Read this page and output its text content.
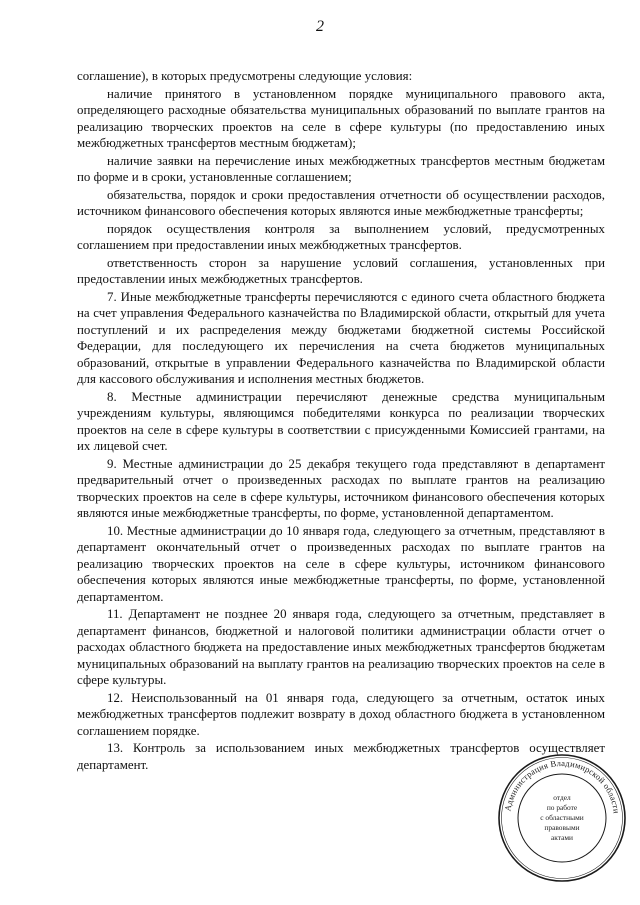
2

соглашение), в которых предусмотрены следующие условия:

наличие принятого в установленном порядке муниципального правового акта, определяющего расходные обязательства муниципальных образований по выплате грантов на реализацию творческих проектов на селе в сфере культуры (по предоставлению иных межбюджетных трансфертов местным бюджетам);

наличие заявки на перечисление иных межбюджетных трансфертов местным бюджетам по форме и в сроки, установленные соглашением;

обязательства, порядок и сроки предоставления отчетности об осуществлении расходов, источником финансового обеспечения которых являются иные межбюджетные трансферты;

порядок осуществления контроля за выполнением условий, предусмотренных соглашением при предоставлении иных межбюджетных трансфертов.

ответственность сторон за нарушение условий соглашения, установленных при предоставлении иных межбюджетных трансфертов.

7. Иные межбюджетные трансферты перечисляются с единого счета областного бюджета на счет управления Федерального казначейства по Владимирской области, открытый для учета поступлений и их распределения между бюджетами бюджетной системы Российской Федерации, для последующего их перечисления на счета бюджетов муниципальных образований, открытые в управлении Федерального казначейства по Владимирской области для кассового обслуживания и исполнения местных бюджетов.

8. Местные администрации перечисляют денежные средства муниципальным учреждениям культуры, являющимся победителями конкурса по реализации творческих проектов на селе в сфере культуры в соответствии с присужденными Комиссией грантами, на их лицевой счет.

9. Местные администрации до 25 декабря текущего года представляют в департамент предварительный отчет о произведенных расходах по выплате грантов на реализацию творческих проектов на селе в сфере культуры, источником финансового обеспечения которых являются иные межбюджетные трансферты, по форме, установленной департаментом.

10. Местные администрации до 10 января года, следующего за отчетным, представляют в департамент окончательный отчет о произведенных расходах по выплате грантов на реализацию творческих проектов на селе в сфере культуры, источником финансового обеспечения которых являются иные межбюджетные трансферты, по форме, установленной департаментом.

11. Департамент не позднее 20 января года, следующего за отчетным, представляет в департамент финансов, бюджетной и налоговой политики администрации области отчет о расходах областного бюджета на предоставление иных межбюджетных трансфертов бюджетам муниципальных образований на выплату грантов на реализацию творческих проектов на селе в сфере культуры.

12. Неиспользованный на 01 января года, следующего за отчетным, остаток иных межбюджетных трансфертов подлежит возврату в доход областного бюджета в установленном соглашением порядке.

13. Контроль за использованием иных межбюджетных трансфертов осуществляет департамент.

Администрация Владимирской области
отдел
по работе
с областными
правовыми
актами
